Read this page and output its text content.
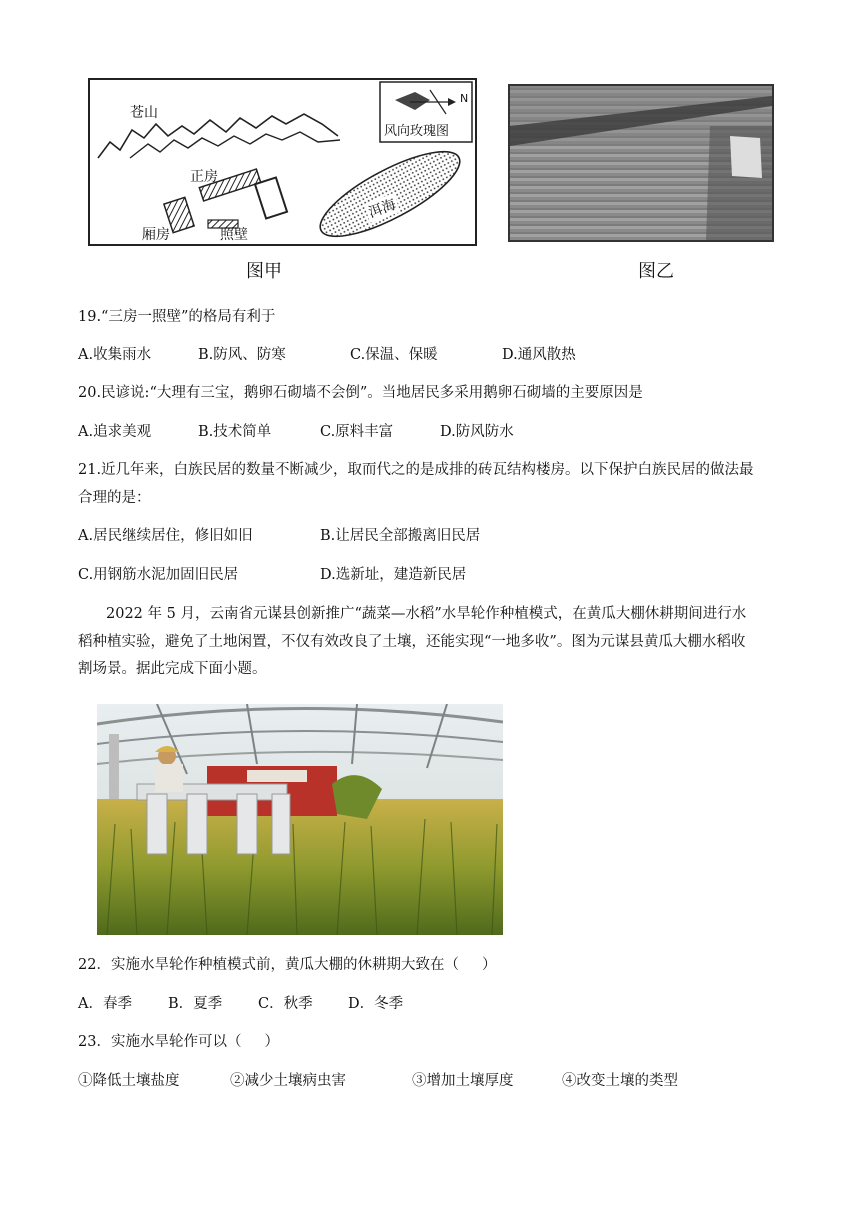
苍山
正房
厢房	照壁
洱海
风向玫瑰图
N
图甲	图乙
19.“三房一照壁”的格局有利于
A.收集雨水	B.防风、防寒	C.保温、保暖	D.通风散热
20.民谚说:“大理有三宝，鹅卵石砌墙不会倒”。当地居民多采用鹅卵石砌墙的主要原因是
A.追求美观	B.技术简单	C.原料丰富	D.防风防水
21.近几年来，白族民居的数量不断减少，取而代之的是成排的砖瓦结构楼房。以下保护白族民居的做法最
合理的是：
A.居民继续居住，修旧如旧	B.让居民全部搬离旧民居
C.用钢筋水泥加固旧民居	D.选新址，建造新民居
2022 年 5 月，云南省元谋县创新推广“蔬菜—水稻”水旱轮作种植模式，在黄瓜大棚休耕期间进行水
稻种植实验，避免了土地闲置，不仅有效改良了土壤，还能实现“一地多收”。图为元谋县黄瓜大棚水稻收
割场景。据此完成下面小题。
22．实施水旱轮作种植模式前，黄瓜大棚的休耕期大致在（     ）
A．春季 B．夏季 C．秋季 D．冬季
23．实施水旱轮作可以（     ）
①降低土壤盐度	②减少土壤病虫害	③增加土壤厚度	④改变土壤的类型
